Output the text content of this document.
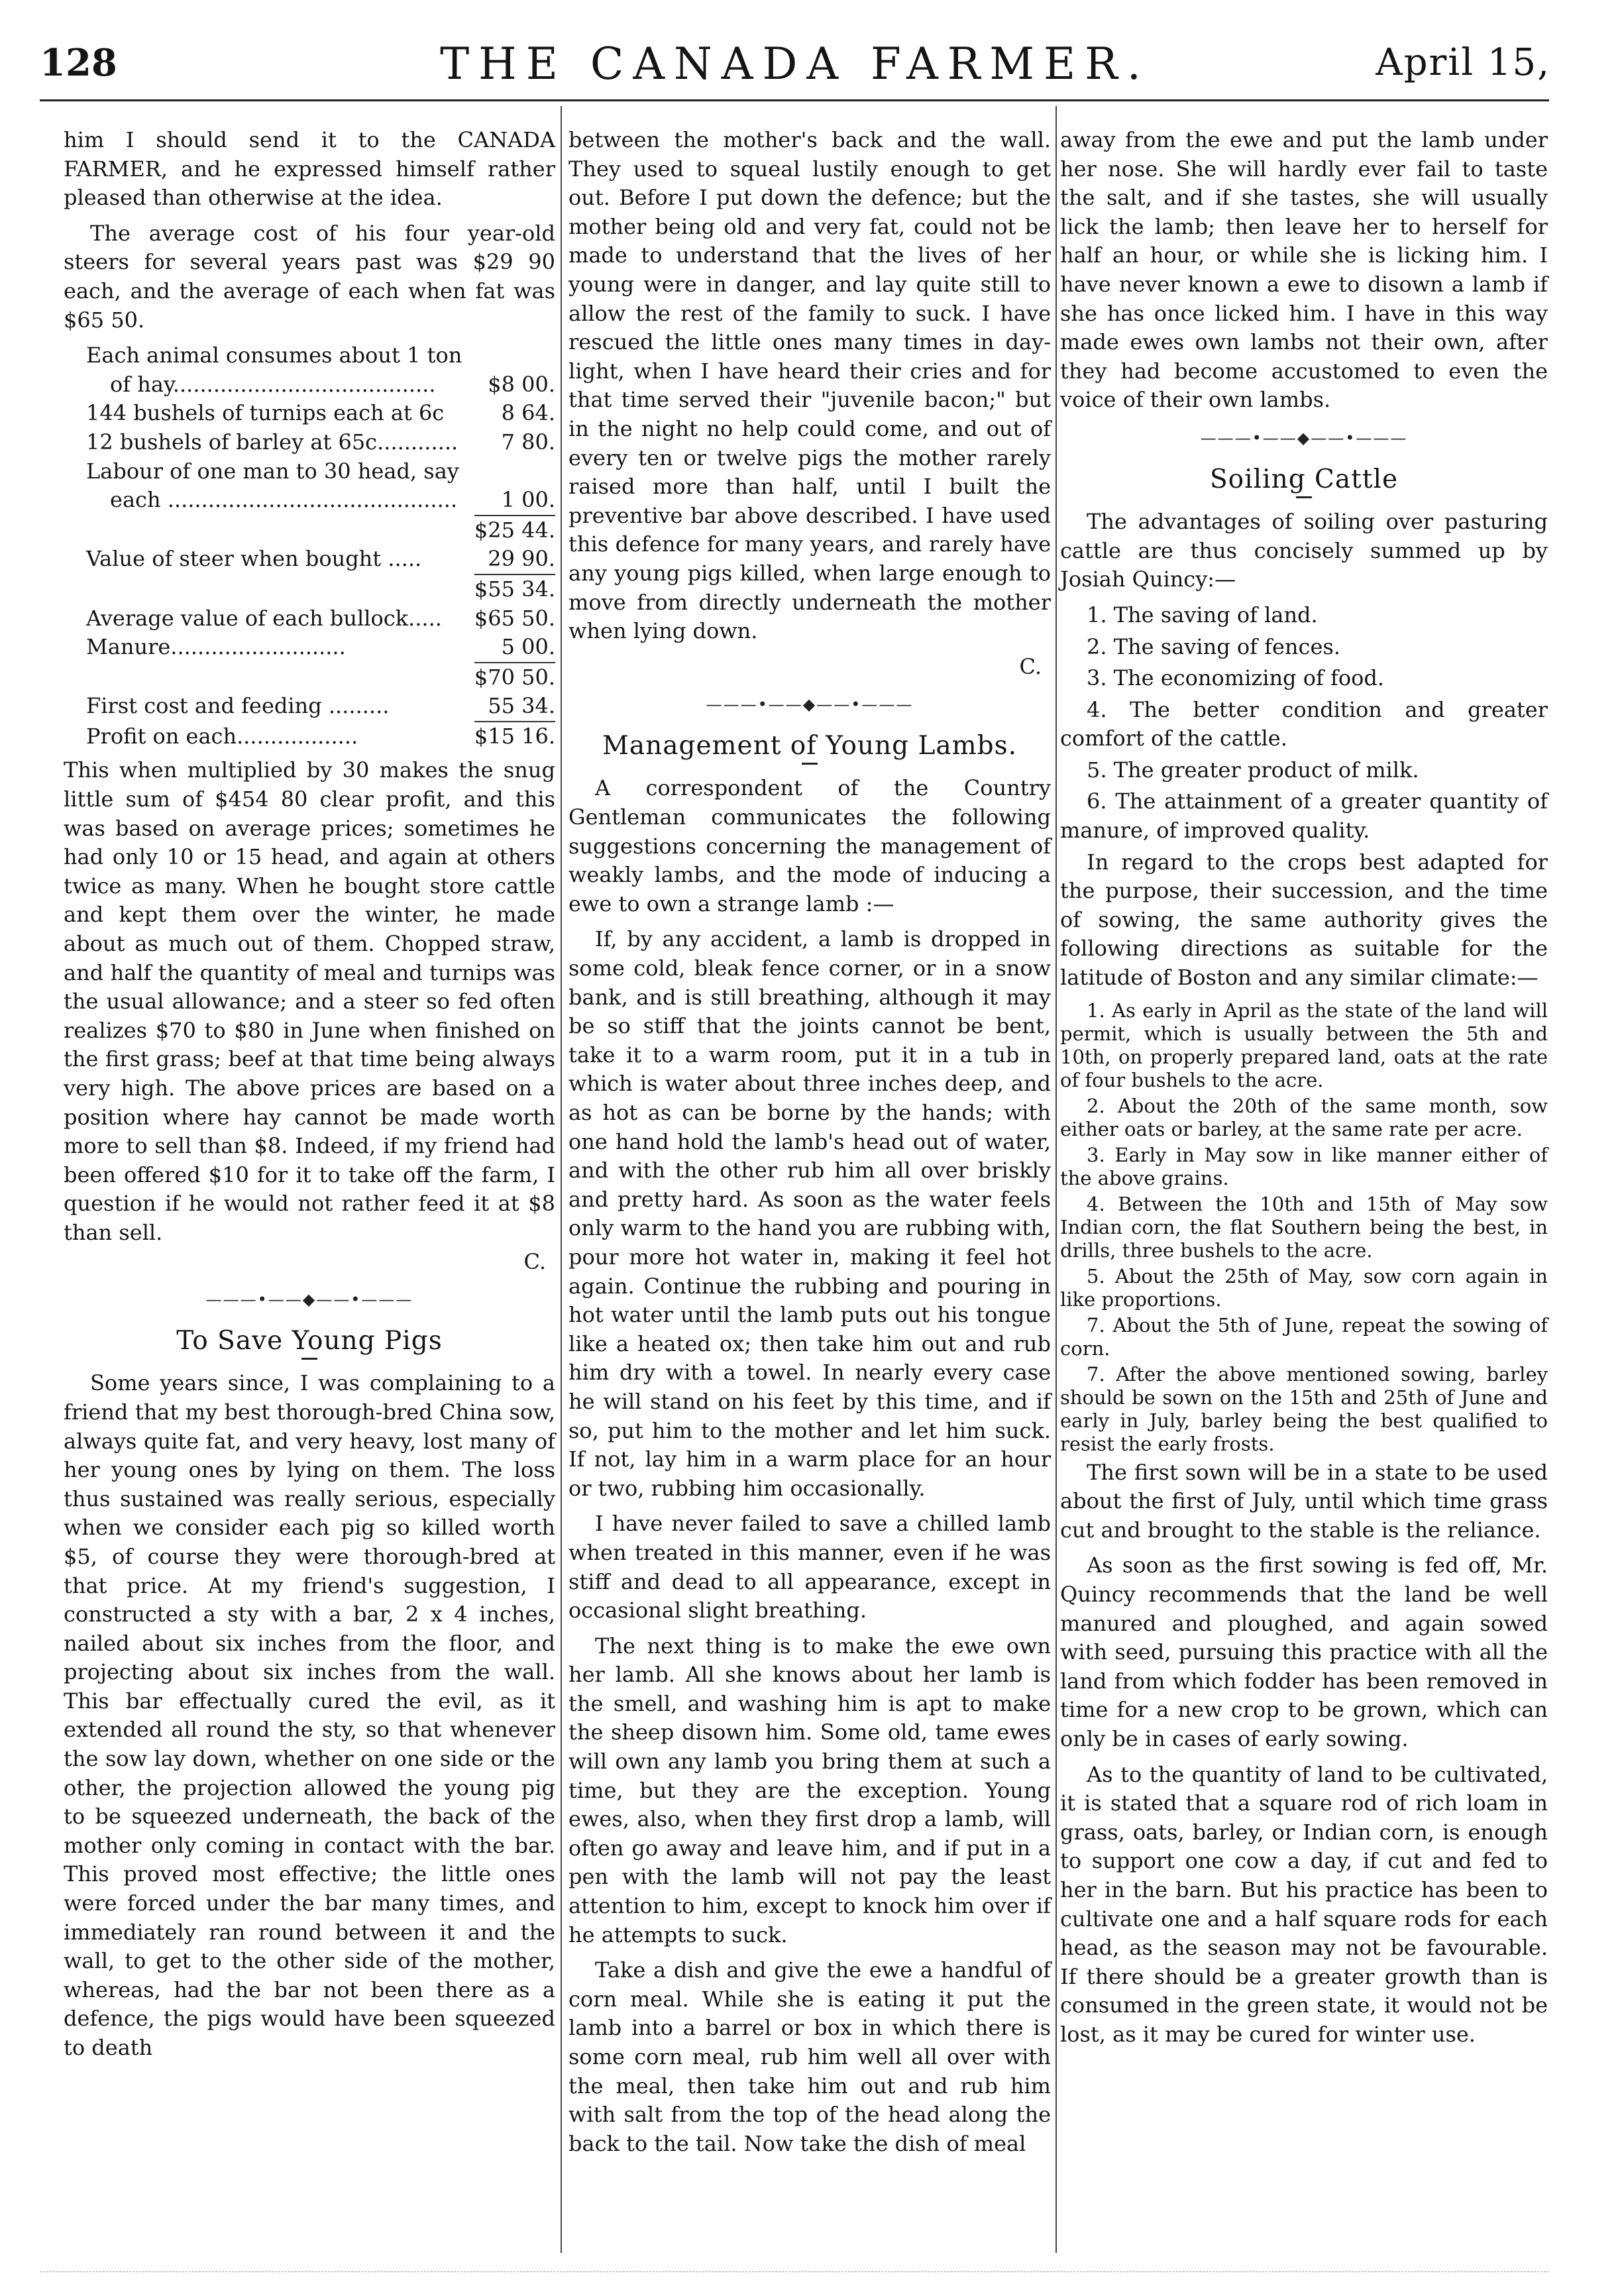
128	THE CANADA FARMER.	April 15,

him I should send it to the CANADA FARMER, and he expressed himself rather pleased than otherwise at the idea.

The average cost of his four year-old steers for several years past was $29 90 each, and the average of each when fat was $65 50.

Each animal consumes about 1 ton
of hay.......................................	$8 00.
144 bushels of turnips each at 6c	8 64.
12 bushels of barley at 65c............	7 80.
Labour of one man to 30 head, say
each ...........................................	1 00.
$25 44.
Value of steer when bought .....	29 90.
$55 34.
Average value of each bullock..... $65 50.
Manure..........................	5 00.
$70 50.
First cost and feeding .........	55 34.
Profit on each..................	$15 16.

This when multiplied by 30 makes the snug little sum of $454 80 clear profit, and this was based on average prices; sometimes he had only 10 or 15 head, and again at others twice as many. When he bought store cattle and kept them over the winter, he made about as much out of them. Chopped straw, and half the quantity of meal and turnips was the usual allowance; and a steer so fed often realizes $70 to $80 in June when finished on the first grass; beef at that time being always very high. The above prices are based on a position where hay cannot be made worth more to sell than $8. Indeed, if my friend had been offered $10 for it to take off the farm, I question if he would not rather feed it at $8 than sell.

C.

———•——◆——•———
To Save Young Pigs

Some years since, I was complaining to a friend that my best thorough-bred China sow, always quite fat, and very heavy, lost many of her young ones by lying on them. The loss thus sustained was really serious, especially when we consider each pig so killed worth $5, of course they were thorough-bred at that price. At my friend's suggestion, I constructed a sty with a bar, 2 x 4 inches, nailed about six inches from the floor, and projecting about six inches from the wall. This bar effectually cured the evil, as it extended all round the sty, so that whenever the sow lay down, whether on one side or the other, the projection allowed the young pig to be squeezed underneath, the back of the mother only coming in contact with the bar. This proved most effective; the little ones were forced under the bar many times, and immediately ran round between it and the wall, to get to the other side of the mother, whereas, had the bar not been there as a defence, the pigs would have been squeezed to death

between the mother's back and the wall. They used to squeal lustily enough to get out. Before I put down the defence; but the mother being old and very fat, could not be made to understand that the lives of her young were in danger, and lay quite still to allow the rest of the family to suck. I have rescued the little ones many times in day-light, when I have heard their cries and for that time served their "juvenile bacon;" but in the night no help could come, and out of every ten or twelve pigs the mother rarely raised more than half, until I built the preventive bar above described. I have used this defence for many years, and rarely have any young pigs killed, when large enough to move from directly underneath the mother when lying down.

C.

———•——◆——•———
Management of Young Lambs.

A correspondent of the Country Gentleman communicates the following suggestions concerning the management of weakly lambs, and the mode of inducing a ewe to own a strange lamb :—

If, by any accident, a lamb is dropped in some cold, bleak fence corner, or in a snow bank, and is still breathing, although it may be so stiff that the joints cannot be bent, take it to a warm room, put it in a tub in which is water about three inches deep, and as hot as can be borne by the hands; with one hand hold the lamb's head out of water, and with the other rub him all over briskly and pretty hard. As soon as the water feels only warm to the hand you are rubbing with, pour more hot water in, making it feel hot again. Continue the rubbing and pouring in hot water until the lamb puts out his tongue like a heated ox; then take him out and rub him dry with a towel. In nearly every case he will stand on his feet by this time, and if so, put him to the mother and let him suck. If not, lay him in a warm place for an hour or two, rubbing him occasionally.

I have never failed to save a chilled lamb when treated in this manner, even if he was stiff and dead to all appearance, except in occasional slight breathing.

The next thing is to make the ewe own her lamb. All she knows about her lamb is the smell, and washing him is apt to make the sheep disown him. Some old, tame ewes will own any lamb you bring them at such a time, but they are the exception. Young ewes, also, when they first drop a lamb, will often go away and leave him, and if put in a pen with the lamb will not pay the least attention to him, except to knock him over if he attempts to suck.

Take a dish and give the ewe a handful of corn meal. While she is eating it put the lamb into a barrel or box in which there is some corn meal, rub him well all over with the meal, then take him out and rub him with salt from the top of the head along the back to the tail. Now take the dish of meal

away from the ewe and put the lamb under her nose. She will hardly ever fail to taste the salt, and if she tastes, she will usually lick the lamb; then leave her to herself for half an hour, or while she is licking him. I have never known a ewe to disown a lamb if she has once licked him. I have in this way made ewes own lambs not their own, after they had become accustomed to even the voice of their own lambs.

———•——◆——•———
Soiling Cattle

The advantages of soiling over pasturing cattle are thus concisely summed up by Josiah Quincy:—

1. The saving of land.

2. The saving of fences.

3. The economizing of food.

4. The better condition and greater comfort of the cattle.

5. The greater product of milk.

6. The attainment of a greater quantity of manure, of improved quality.

In regard to the crops best adapted for the purpose, their succession, and the time of sowing, the same authority gives the following directions as suitable for the latitude of Boston and any similar climate:—

1. As early in April as the state of the land will permit, which is usually between the 5th and 10th, on properly prepared land, oats at the rate of four bushels to the acre.

2. About the 20th of the same month, sow either oats or barley, at the same rate per acre.

3. Early in May sow in like manner either of the above grains.

4. Between the 10th and 15th of May sow Indian corn, the flat Southern being the best, in drills, three bushels to the acre.

5. About the 25th of May, sow corn again in like proportions.

7. About the 5th of June, repeat the sowing of corn.

7. After the above mentioned sowing, barley should be sown on the 15th and 25th of June and early in July, barley being the best qualified to resist the early frosts.

The first sown will be in a state to be used about the first of July, until which time grass cut and brought to the stable is the reliance.

As soon as the first sowing is fed off, Mr. Quincy recommends that the land be well manured and ploughed, and again sowed with seed, pursuing this practice with all the land from which fodder has been removed in time for a new crop to be grown, which can only be in cases of early sowing.

As to the quantity of land to be cultivated, it is stated that a square rod of rich loam in grass, oats, barley, or Indian corn, is enough to support one cow a day, if cut and fed to her in the barn. But his practice has been to cultivate one and a half square rods for each head, as the season may not be favourable. If there should be a greater growth than is consumed in the green state, it would not be lost, as it may be cured for winter use.
